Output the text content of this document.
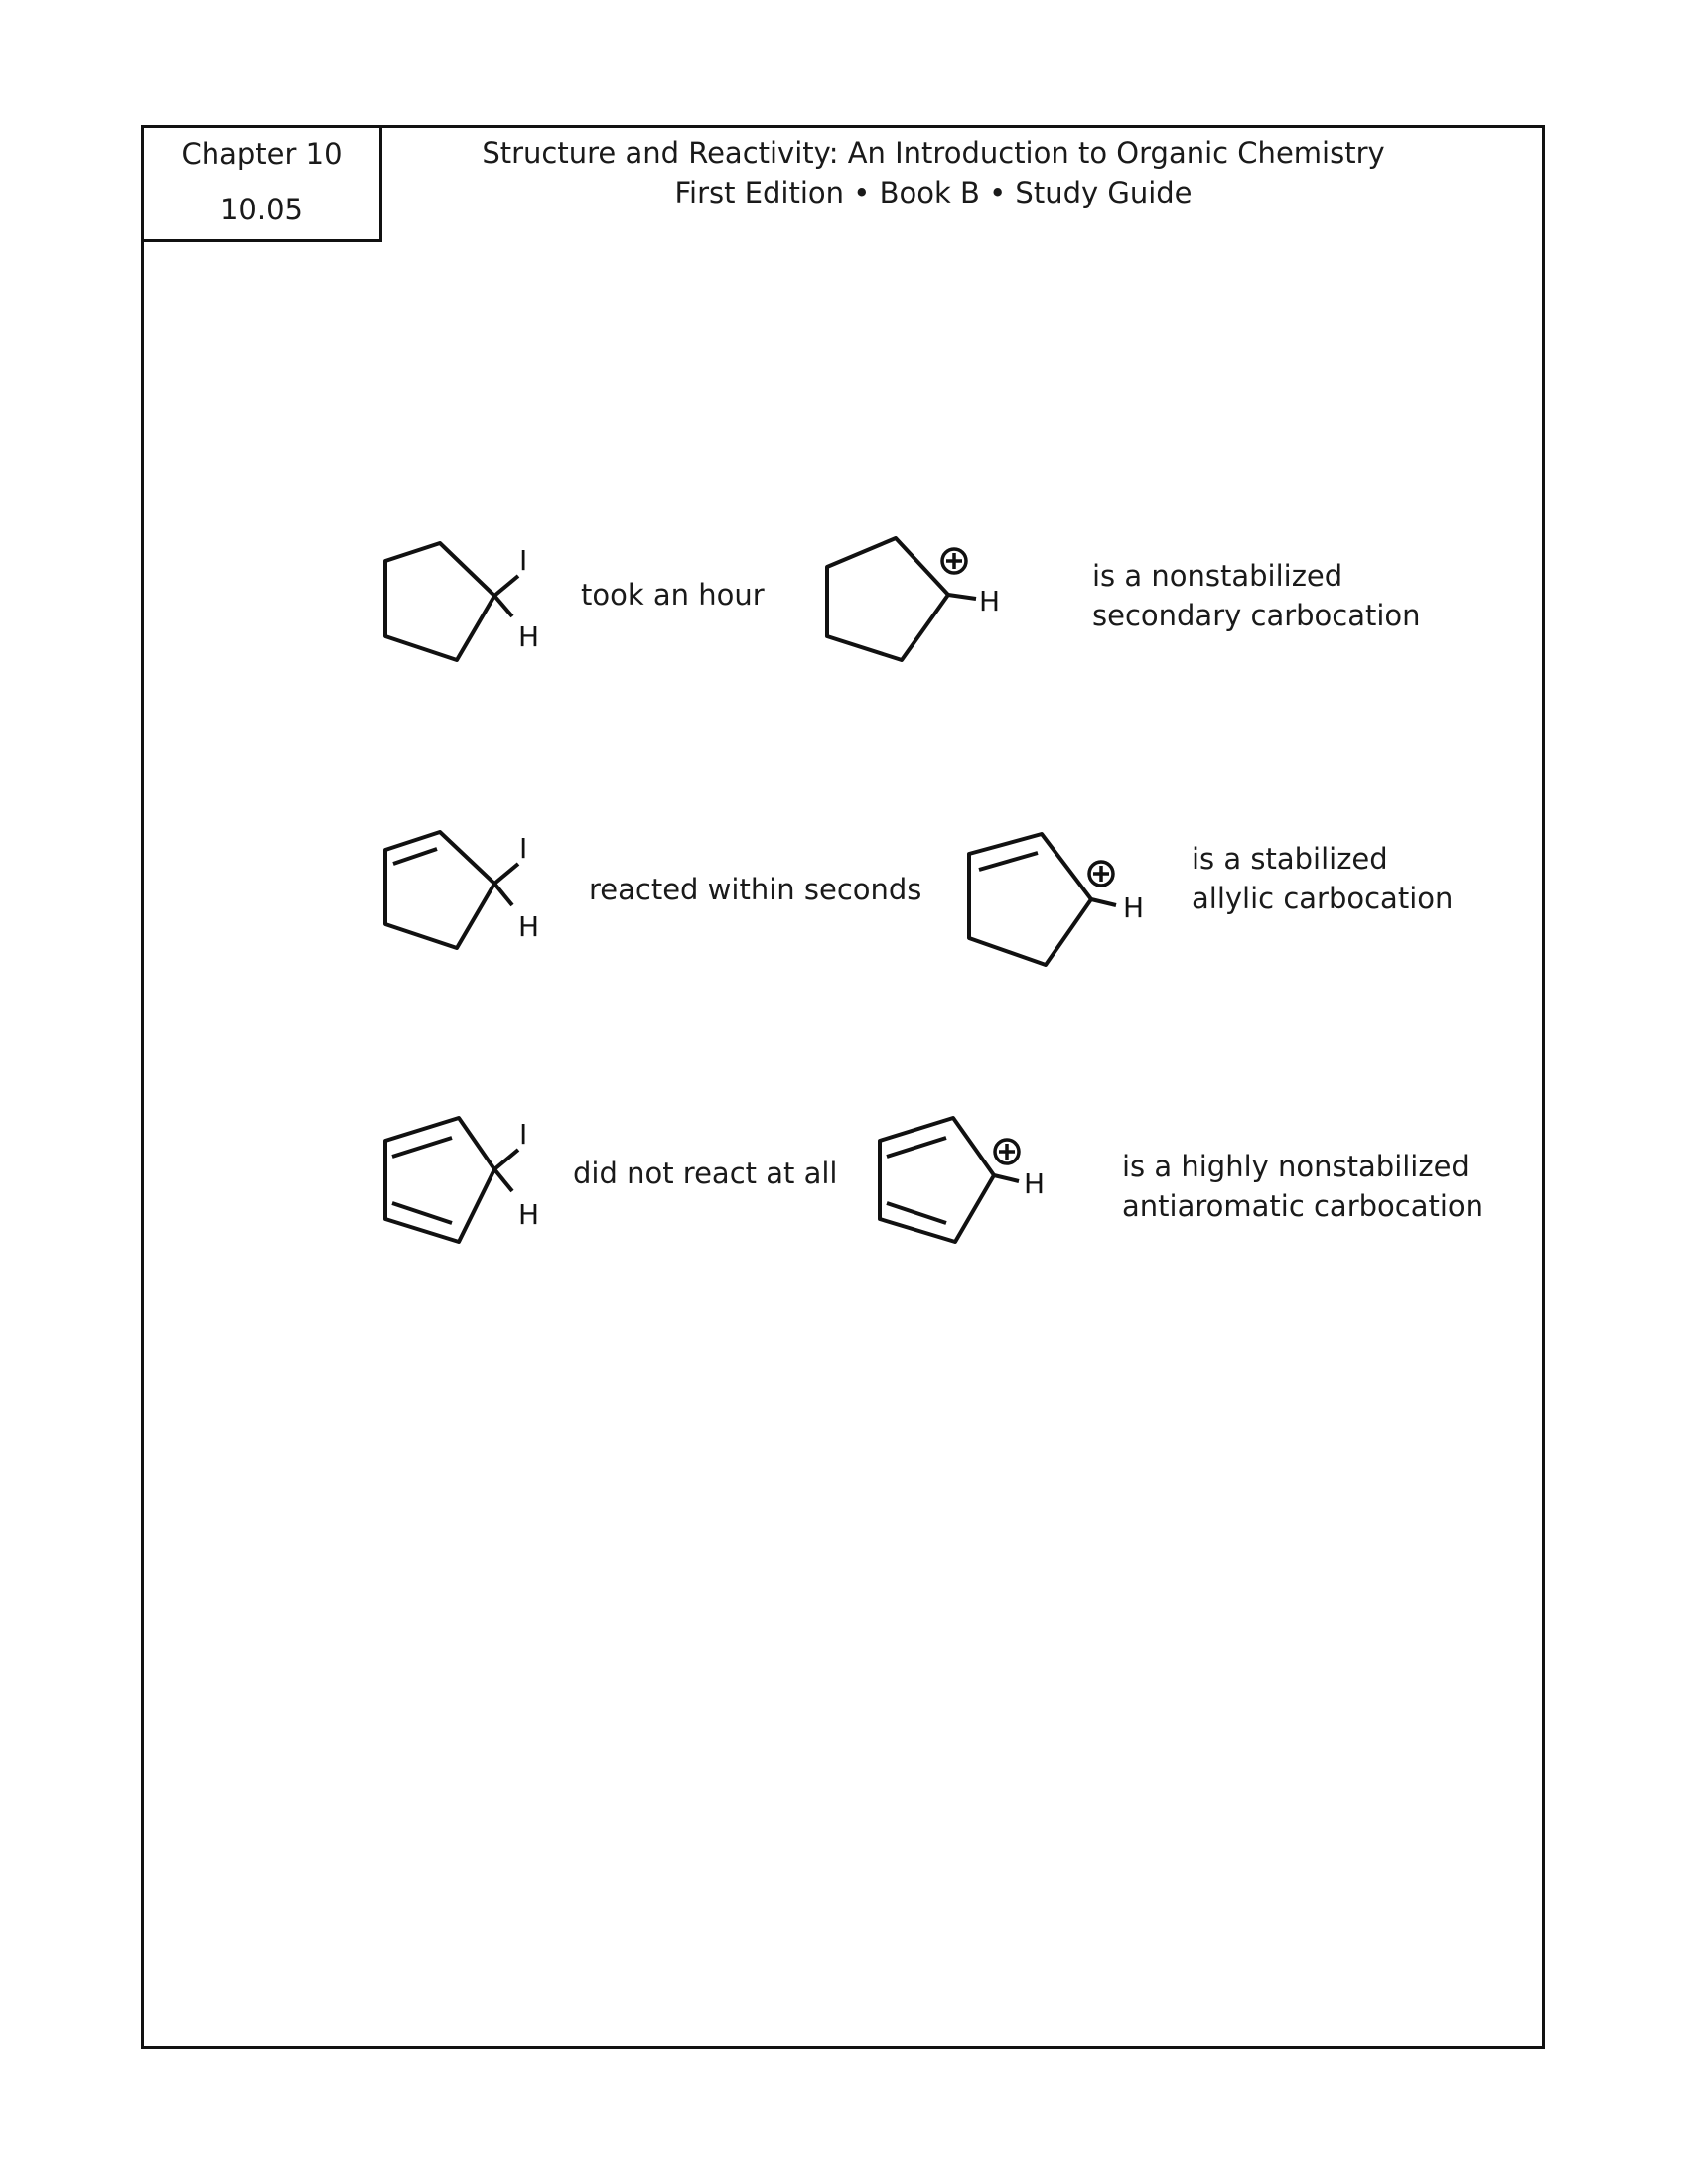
Chapter 10
10.05
Structure and Reactivity: An Introduction to Organic Chemistry
First Edition • Book B • Study Guide
I
H
took an hour	H
is a nonstabilized
secondary carbocation
I
H
reacted within seconds
H
is a stabilized
allylic carbocation
I
H
did not react at all	H
is a highly nonstabilized
antiaromatic carbocation
